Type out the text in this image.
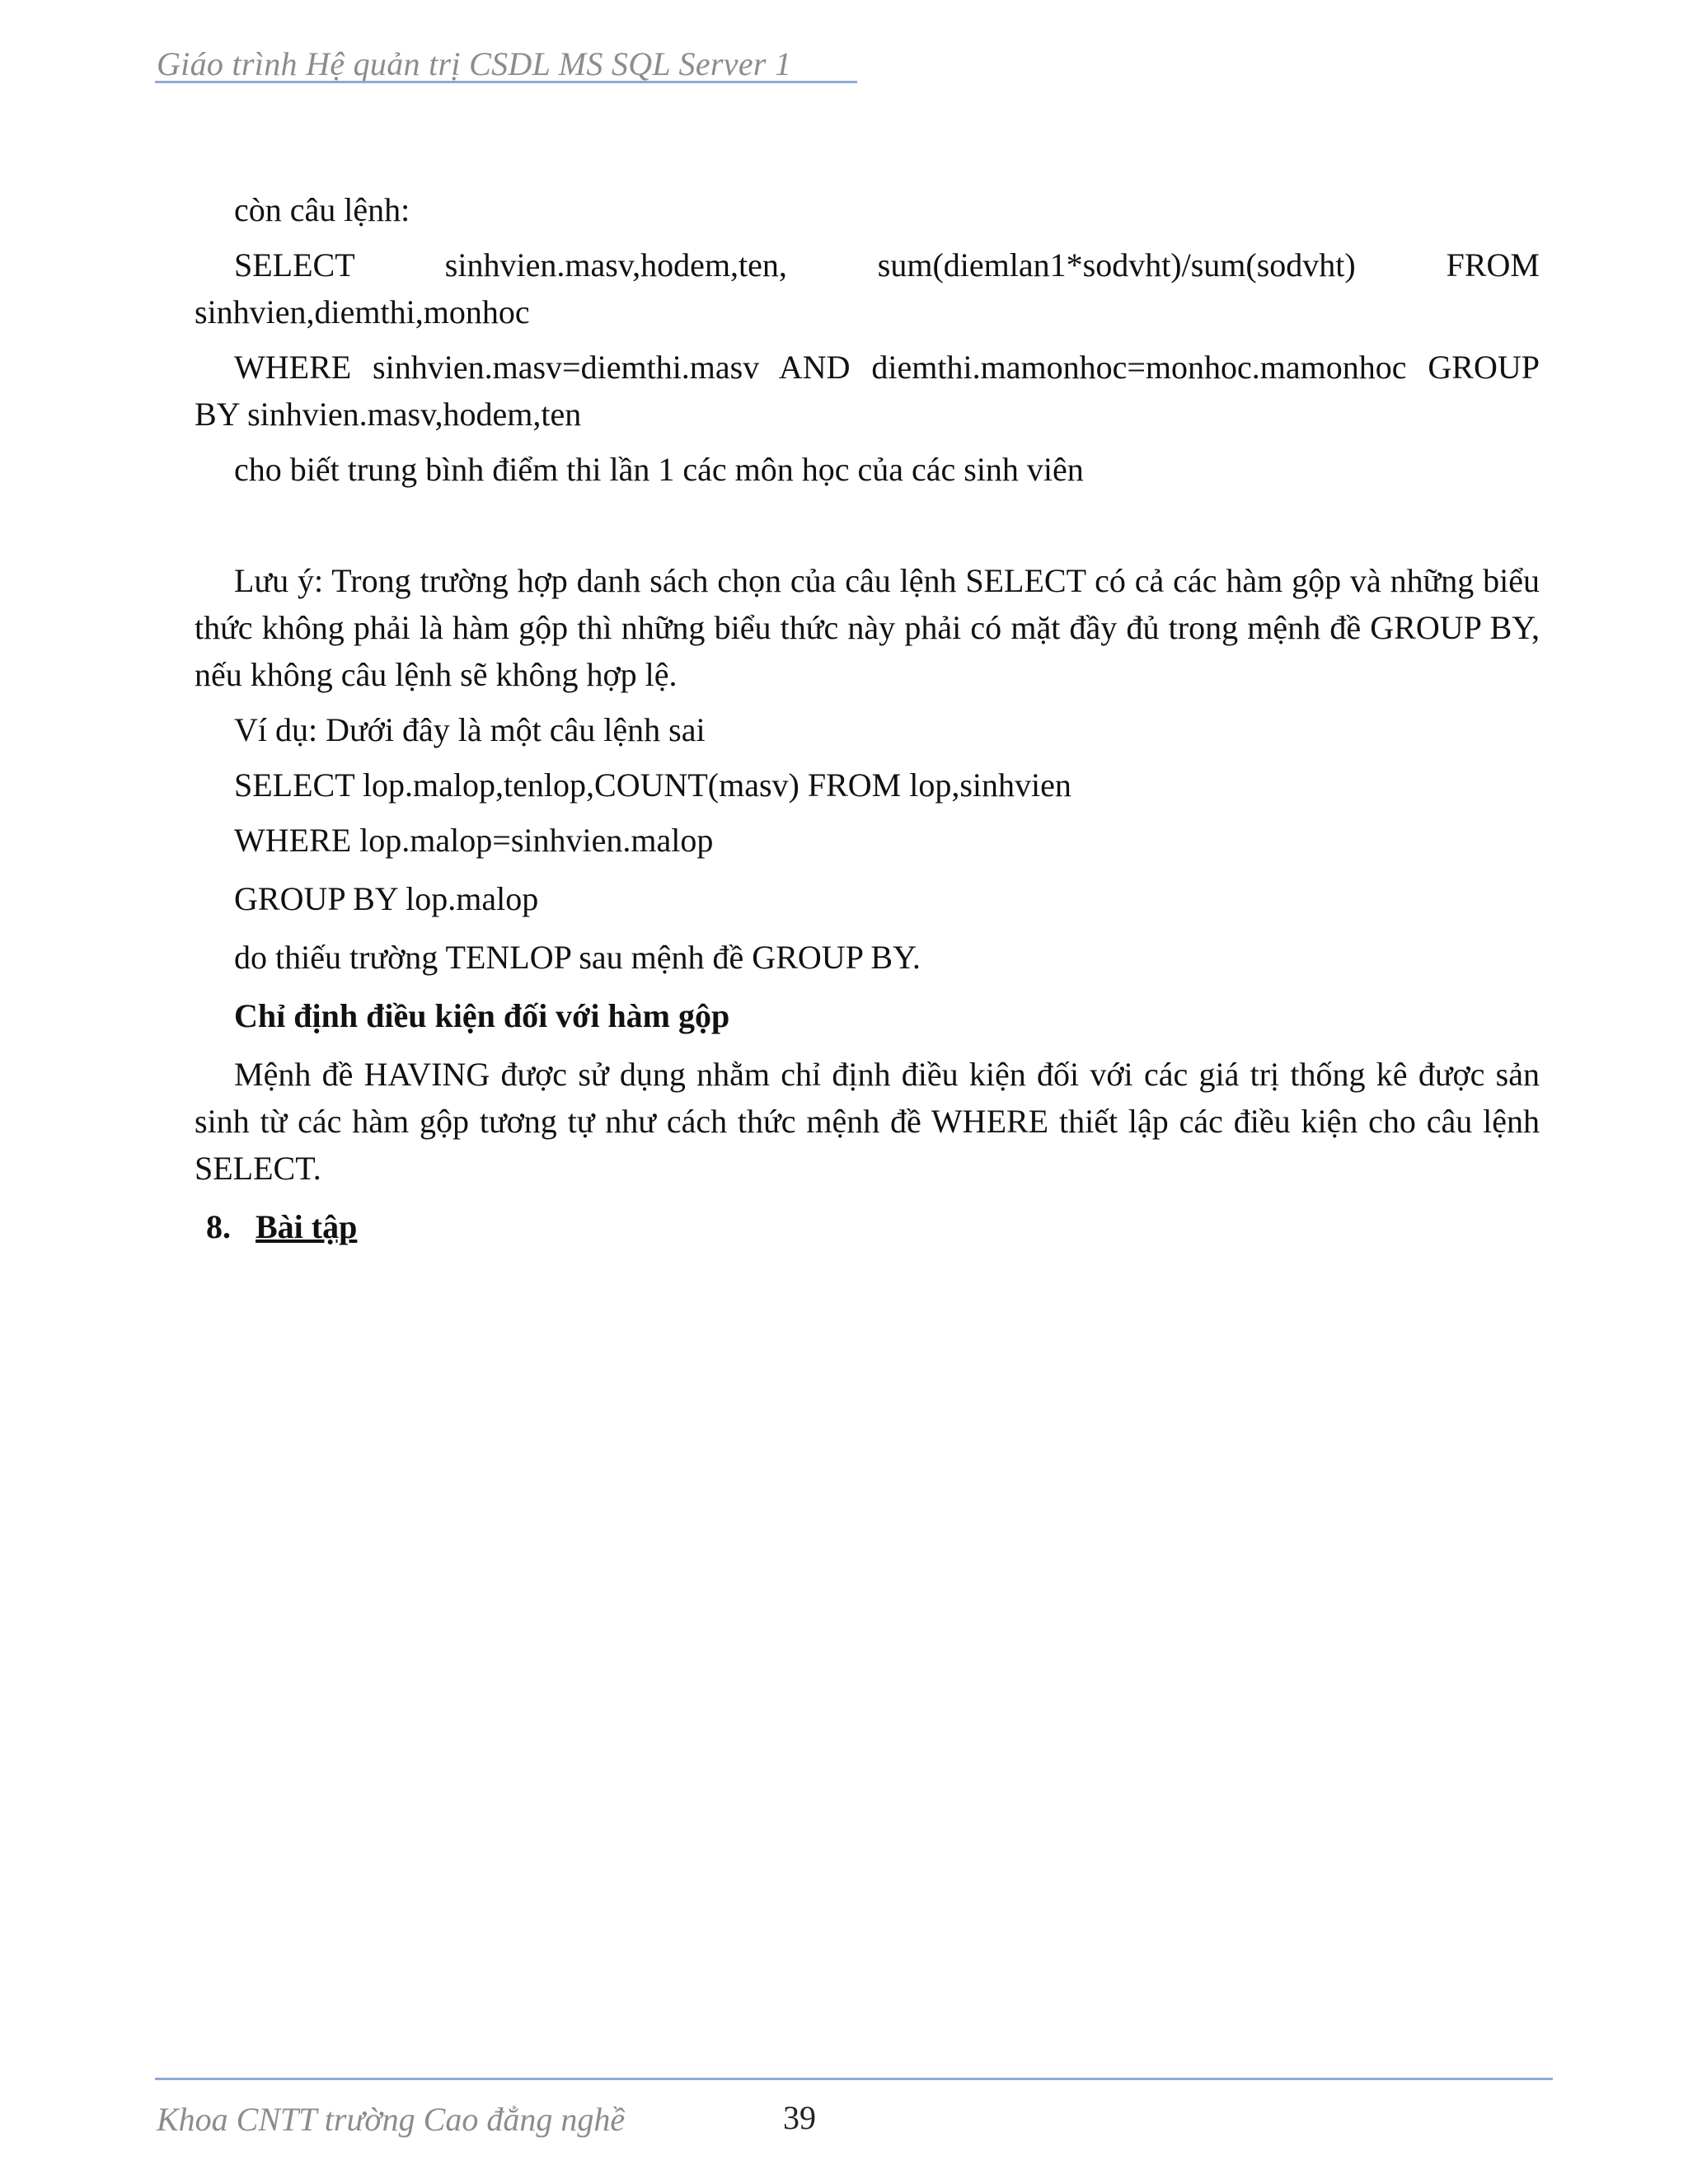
Giáo trình Hệ quản trị CSDL MS SQL Server 1

còn câu lệnh:

SELECT sinhvien.masv,hodem,ten, sum(diemlan1*sodvht)/sum(sodvht) FROM sinhvien,diemthi,monhoc

WHERE sinhvien.masv=diemthi.masv AND diemthi.mamonhoc=monhoc.mamonhoc GROUP BY sinhvien.masv,hodem,ten

cho biết trung bình điểm thi lần 1 các môn học của các sinh viên

Lưu ý: Trong trường hợp danh sách chọn của câu lệnh SELECT có cả các hàm gộp và những biểu thức không phải là hàm gộp thì những biểu thức này phải có mặt đầy đủ trong mệnh đề GROUP BY, nếu không câu lệnh sẽ không hợp lệ.

Ví dụ: Dưới đây là một câu lệnh sai

SELECT lop.malop,tenlop,COUNT(masv) FROM lop,sinhvien

WHERE lop.malop=sinhvien.malop

GROUP BY lop.malop

do thiếu trường TENLOP sau mệnh đề GROUP BY.

Chỉ định điều kiện đối với hàm gộp

Mệnh đề HAVING được sử dụng nhằm chỉ định điều kiện đối với các giá trị thống kê được sản sinh từ các hàm gộp tương tự như cách thức mệnh đề WHERE thiết lập các điều kiện cho câu lệnh SELECT.

8. Bài tập
Khoa CNTT trường Cao đẳng nghề	39
